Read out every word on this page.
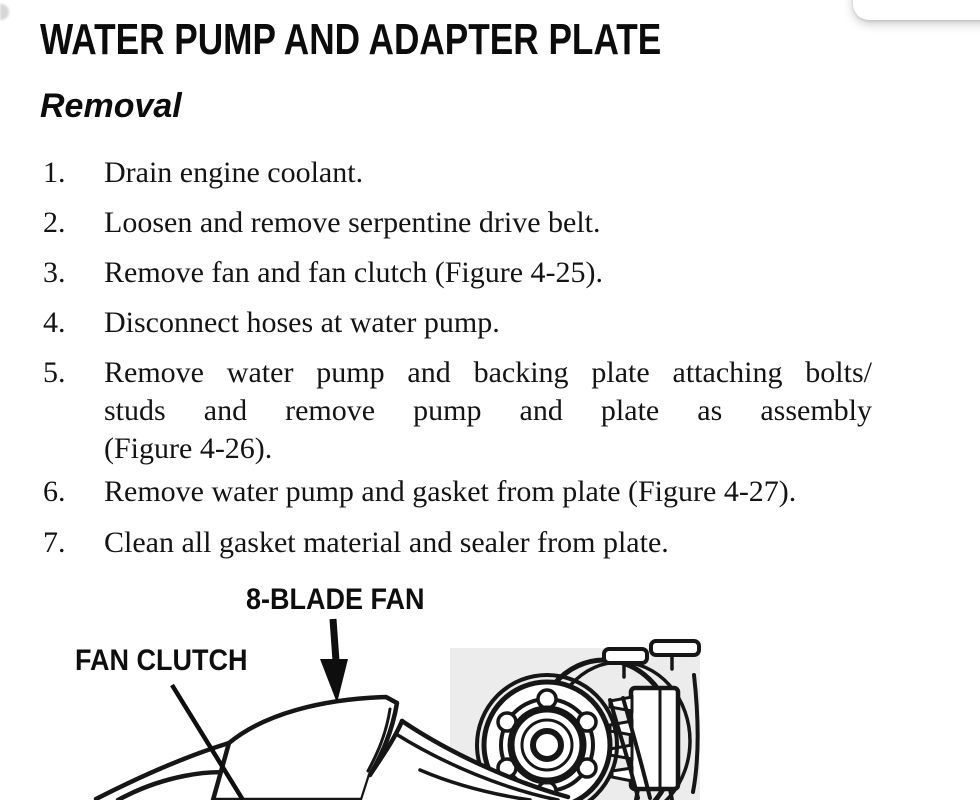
WATER PUMP AND ADAPTER PLATE
Removal
1.	Drain engine coolant.
2.	Loosen and remove serpentine drive belt.
3.	Remove fan and fan clutch (Figure 4-25).
4.	Disconnect hoses at water pump.
5.	Remove water pump and backing plate attaching bolts/
studs and remove pump and plate as assembly
(Figure 4-26).
6.	Remove water pump and gasket from plate (Figure 4-27).
7.	Clean all gasket material and sealer from plate.
8-BLADE FAN
FAN CLUTCH
